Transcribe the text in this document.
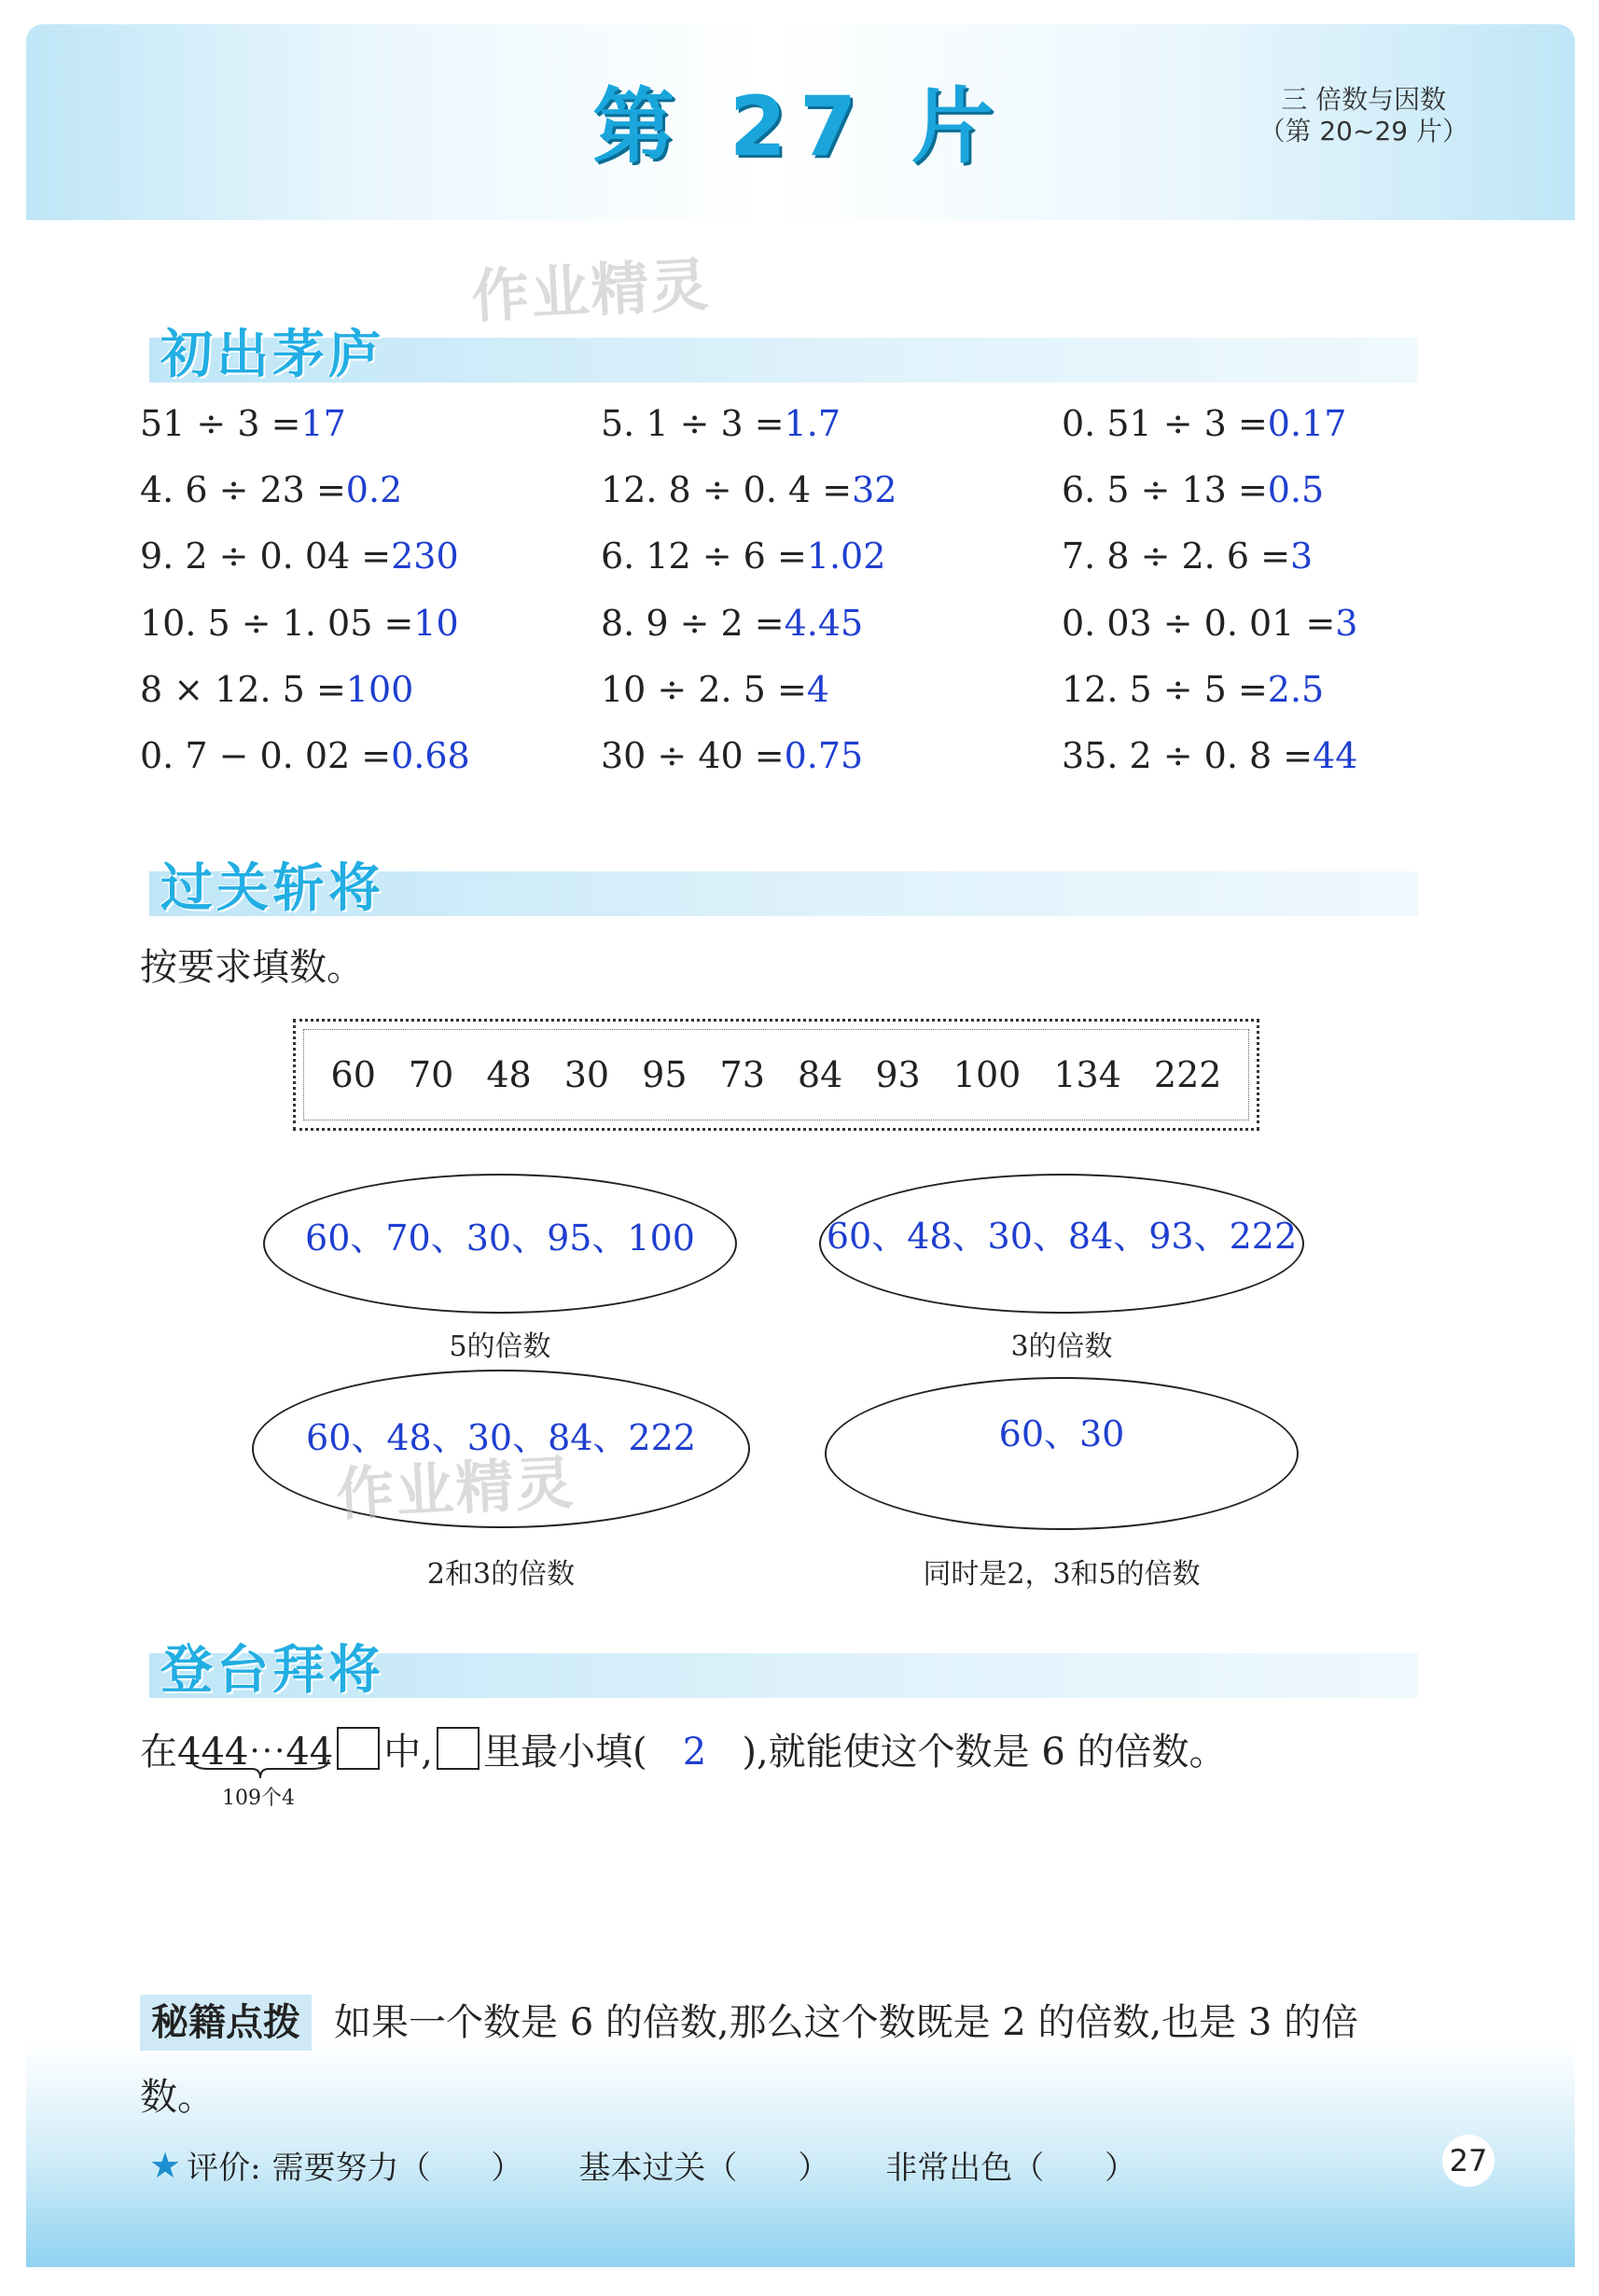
第 27 片	三 倍数与因数
（第 20~29 片）
作业精灵
初出茅庐
51 ÷ 3 =17	5. 1 ÷ 3 =1.7	0. 51 ÷ 3 =0.17
4. 6 ÷ 23 =0.2	12. 8 ÷ 0. 4 =32	6. 5 ÷ 13 =0.5
9. 2 ÷ 0. 04 =230	6. 12 ÷ 6 =1.02	7. 8 ÷ 2. 6 =3
10. 5 ÷ 1. 05 =10	8. 9 ÷ 2 =4.45	0. 03 ÷ 0. 01 =3
8 × 12. 5 =100	10 ÷ 2. 5 =4	12. 5 ÷ 5 =2.5
0. 7 − 0. 02 =0.68	30 ÷ 40 =0.75	35. 2 ÷ 0. 8 =44
过关斩将
按要求填数。
60 70 48 30 95 73 84 93 100 134 222
60、70、30、95、100
5的倍数
60、48、30、84、93、222
3的倍数
60、48、30、84、222
2和3的倍数
60、30
同时是2，3和5的倍数
作业精灵
登台拜将
在444⋯44 中, 里最小填( 2 ),就能使这个数是 6 的倍数。
109个4
秘籍点拨 如果一个数是 6 的倍数,那么这个数既是 2 的倍数,也是 3 的倍数。
★ 评价: 需要努力（      ） 基本过关（      ） 非常出色（      ）	27
